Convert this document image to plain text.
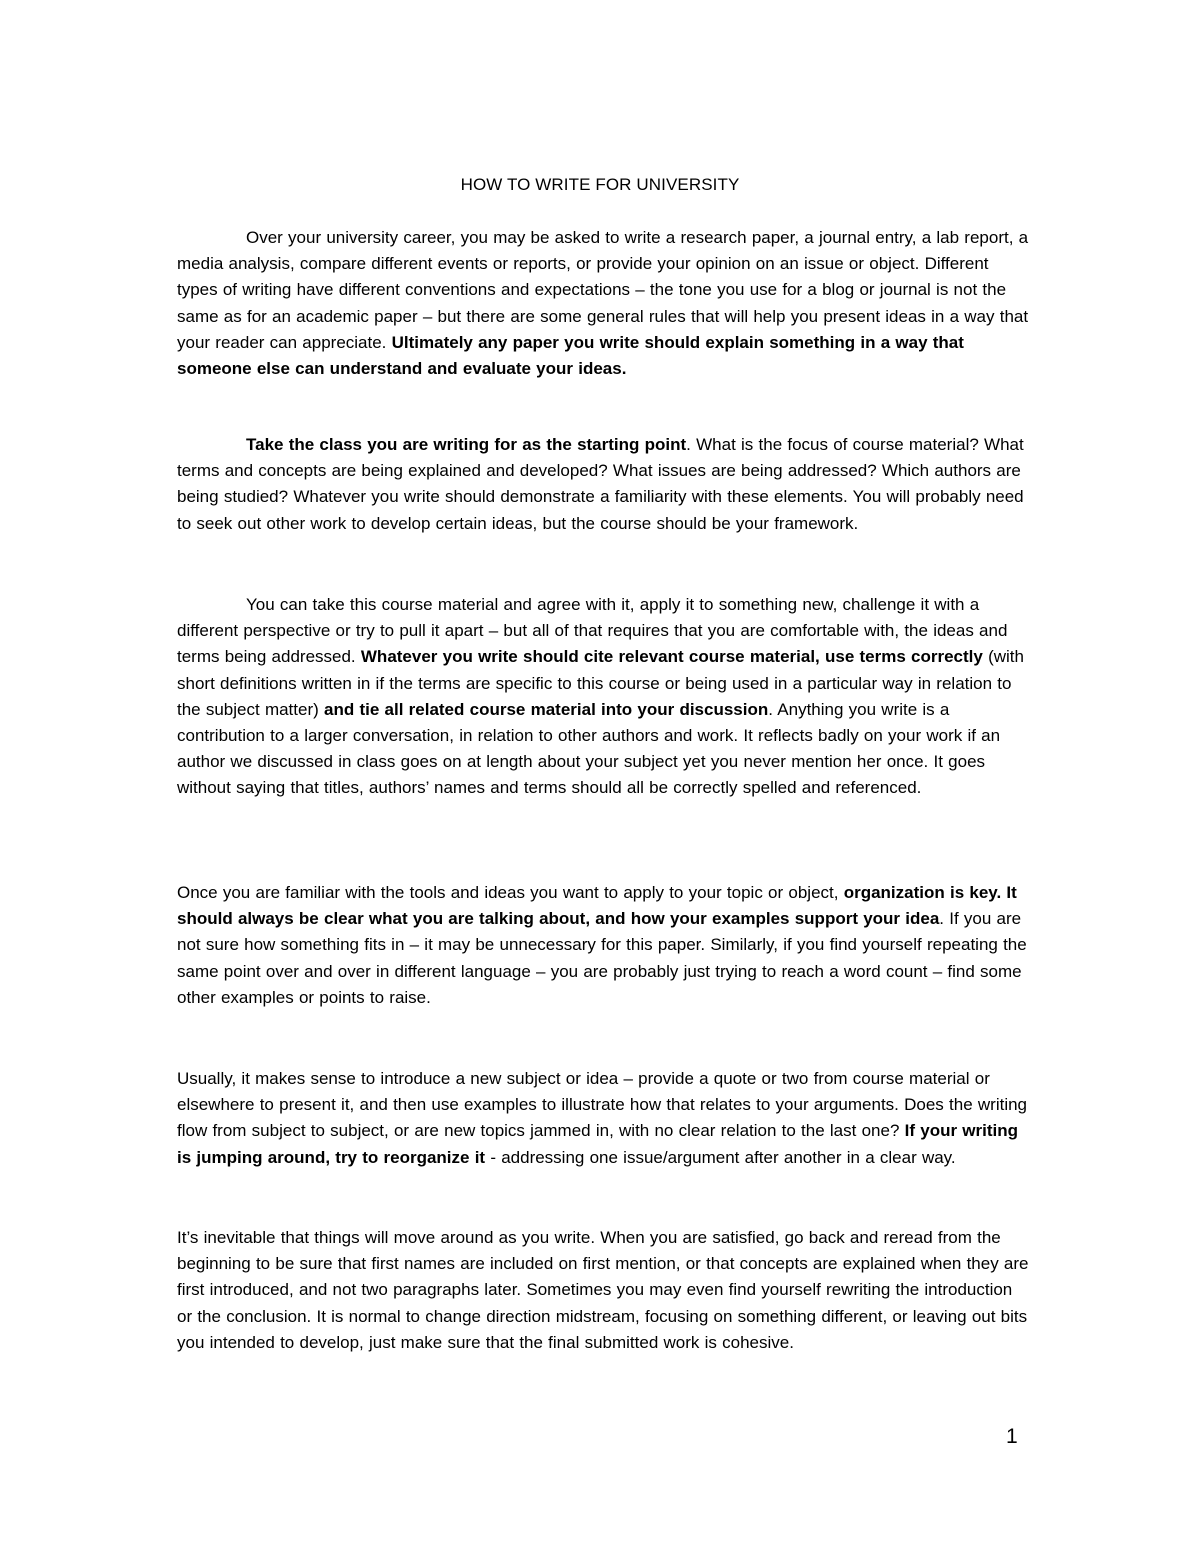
HOW TO WRITE FOR UNIVERSITY

Over your university career, you may be asked to write a research paper, a journal entry, a lab report, a media analysis, compare different events or reports, or provide your opinion on an issue or object. Different types of writing have different conventions and expectations – the tone you use for a blog or journal is not the same as for an academic paper – but there are some general rules that will help you present ideas in a way that your reader can appreciate. Ultimately any paper you write should explain something in a way that someone else can understand and evaluate your ideas.

Take the class you are writing for as the starting point. What is the focus of course material? What terms and concepts are being explained and developed? What issues are being addressed? Which authors are being studied? Whatever you write should demonstrate a familiarity with these elements. You will probably need to seek out other work to develop certain ideas, but the course should be your framework.

You can take this course material and agree with it, apply it to something new, challenge it with a different perspective or try to pull it apart – but all of that requires that you are comfortable with, the ideas and terms being addressed. Whatever you write should cite relevant course material, use terms correctly (with short definitions written in if the terms are specific to this course or being used in a particular way in relation to the subject matter) and tie all related course material into your discussion. Anything you write is a contribution to a larger conversation, in relation to other authors and work. It reflects badly on your work if an author we discussed in class goes on at length about your subject yet you never mention her once. It goes without saying that titles, authors’ names and terms should all be correctly spelled and referenced.

Once you are familiar with the tools and ideas you want to apply to your topic or object, organization is key. It should always be clear what you are talking about, and how your examples support your idea. If you are not sure how something fits in – it may be unnecessary for this paper. Similarly, if you find yourself repeating the same point over and over in different language – you are probably just trying to reach a word count – find some other examples or points to raise.

Usually, it makes sense to introduce a new subject or idea – provide a quote or two from course material or elsewhere to present it, and then use examples to illustrate how that relates to your arguments. Does the writing flow from subject to subject, or are new topics jammed in, with no clear relation to the last one? If your writing is jumping around, try to reorganize it - addressing one issue/argument after another in a clear way.

It’s inevitable that things will move around as you write. When you are satisfied, go back and reread from the beginning to be sure that first names are included on first mention, or that concepts are explained when they are first introduced, and not two paragraphs later. Sometimes you may even find yourself rewriting the introduction or the conclusion. It is normal to change direction midstream, focusing on something different, or leaving out bits you intended to develop, just make sure that the final submitted work is cohesive.

1
